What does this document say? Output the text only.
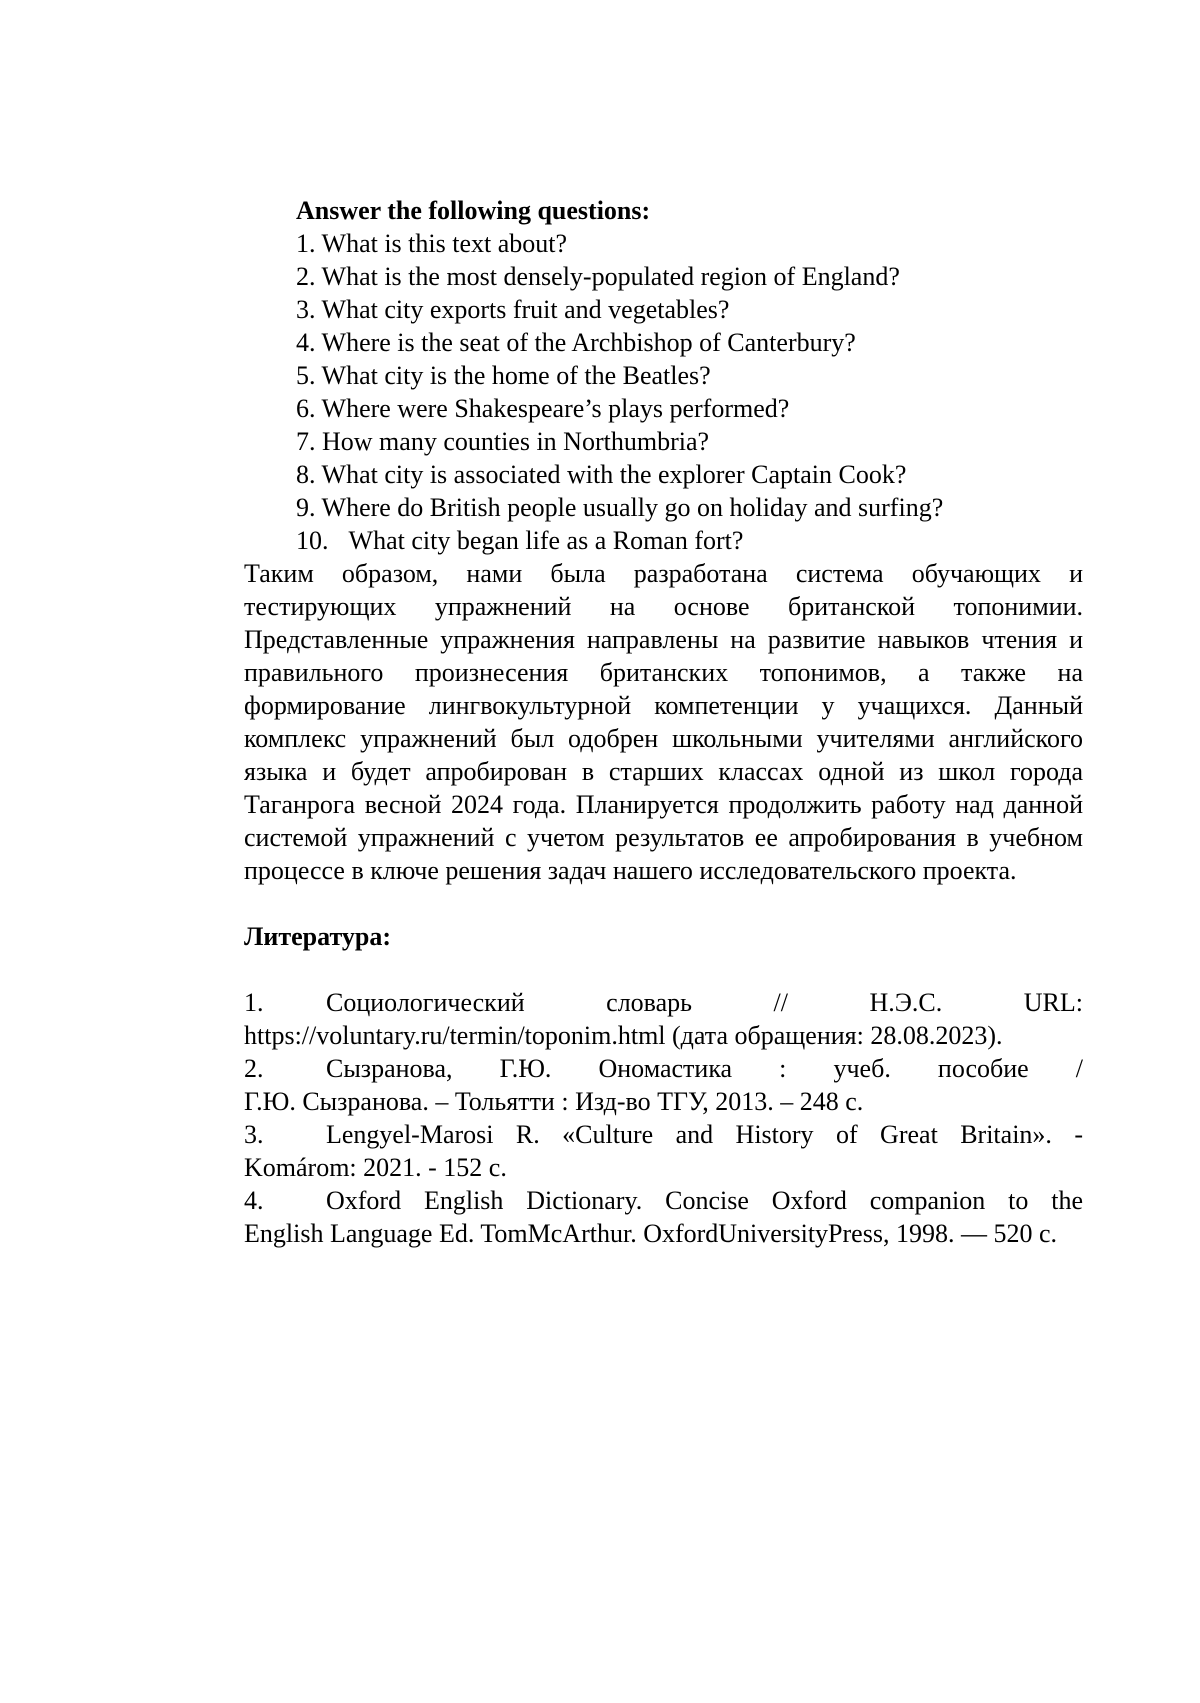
Answer the following questions:
1. What is this text about?
2. What is the most densely-populated region of England?
3. What city exports fruit and vegetables?
4. Where is the seat of the Archbishop of Canterbury?
5. What city is the home of the Beatles?
6. Where were Shakespeare’s plays performed?
7. How many counties in Northumbria?
8. What city is associated with the explorer Captain Cook?
9. Where do British people usually go on holiday and surfing?
10. What city began life as a Roman fort?

Таким образом, нами была разработана система обучающих и тестирующих упражнений на основе британской топонимии. Представленные упражнения направлены на развитие навыков чтения и правильного произнесения британских топонимов, а также на формирование лингвокультурной компетенции у учащихся. Данный комплекс упражнений был одобрен школьными учителями английского языка и будет апробирован в старших классах одной из школ города Таганрога весной 2024 года. Планируется продолжить работу над данной системой упражнений с учетом результатов ее апробирования в учебном процессе в ключе решения задач нашего исследовательского проекта.

Литература:
1. Социологический словарь // Н.Э.С. URL:
https://voluntary.ru/termin/toponim.html (дата обращения: 28.08.2023).
2. Сызранова, Г.Ю. Ономастика : учеб. пособие /
Г.Ю. Сызранова. – Тольятти : Изд-во ТГУ, 2013. – 248 с.
3. Lengyel-Marosi R. «Culture and History of Great Britain». -
Komárom: 2021. - 152 с.
4. Oxford English Dictionary. Concise Oxford companion to the
English Language Ed. TomMcArthur. OxfordUniversityPress, 1998. — 520 с.
